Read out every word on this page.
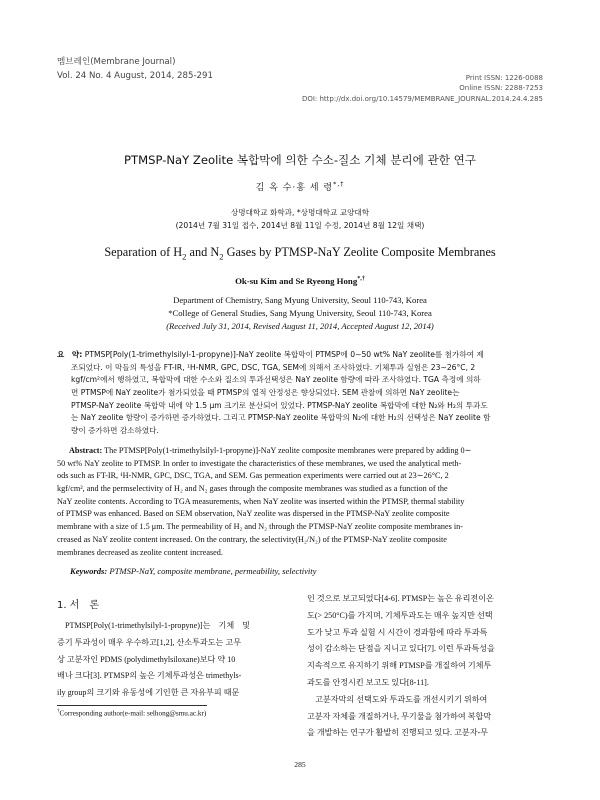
멤브레인(Membrane Journal)
Vol. 24 No. 4 August, 2014, 285-291	Print ISSN: 1226-0088
Online ISSN: 2288-7253
DOI: http://dx.doi.org/10.14579/MEMBRANE_JOURNAL.2014.24.4.285
PTMSP-NaY Zeolite 복합막에 의한 수소-질소 기체 분리에 관한 연구
김 옥 수·홍 세 령*,†
상명대학교 화학과, *상명대학교 교양대학
(2014년 7월 31일 접수, 2014년 8월 11일 수정, 2014년 8월 12일 채택)
Separation of $H_2$ and $N_2$ Gases by PTMSP-NaY Zeolite Composite Membranes
Ok-su Kim and Se Ryeong Hong*,†
Department of Chemistry, Sang Myung University, Seoul 110-743, Korea
*College of General Studies, Sang Myung University, Seoul 110-743, Korea
(Received July 31, 2014, Revised August 11, 2014, Accepted August 12, 2014)
요　약: PTMSP[Poly(1-trimethylsilyl-1-propyne)]-NaY zeolite 복합막이 PTMSP에 0∼50 wt% NaY zeolite를 첨가하여 제
조되었다. 이 막들의 특성을 FT-IR, ¹H-NMR, GPC, DSC, TGA, SEM에 의해서 조사하였다. 기체투과 실험은 23∼26°C, 2
kgf/cm²에서 행하였고, 복합막에 대한 수소와 질소의 투과선택성은 NaY zeolite 함량에 따라 조사하였다. TGA 측정에 의하
면 PTMSP에 NaY zeolite가 첨가되었을 때 PTMSP의 열적 안정성은 향상되었다. SEM 관찰에 의하면 NaY zeolite는
PTMSP-NaY zeolite 복합막 내에 약 1.5 μm 크기로 분산되어 있었다. PTMSP-NaY zeolite 복합막에 대한 N₂와 H₂의 투과도
는 NaY zeolite 함량이 증가하면 증가하였다. 그리고 PTMSP-NaY zeolite 복합막의 N₂에 대한 H₂의 선택성은 NaY zeolite 함
량이 증가하면 감소하였다.
Abstract: The PTMSP[Poly(1-trimethylsilyl-1-propyne)]-NaY zeolite composite membranes were prepared by adding 0∼
50 wt% NaY zeolite to PTMSP. In order to investigate the characteristics of these membranes, we used the analytical meth-
ods such as FT-IR, ¹H-NMR, GPC, DSC, TGA, and SEM. Gas permeation experiments were carried out at 23∼26°C, 2
kgf/cm², and the permselectivity of H₂ and N₂ gases through the composite membranes was studied as a function of the
NaY zeolite contents. According to TGA measurements, when NaY zeolite was inserted within the PTMSP, thermal stability
of PTMSP was enhanced. Based on SEM observation, NaY zeolite was dispersed in the PTMSP-NaY zeolite composite
membrane with a size of 1.5 μm. The permeability of H₂ and N₂ through the PTMSP-NaY zeolite composite membranes in-
creased as NaY zeolite content increased. On the contrary, the selectivity(H₂/N₂) of the PTMSP-NaY zeolite composite
membranes decreased as zeolite content increased.
Keywords: PTMSP-NaY, composite membrane, permeability, selectivity
1. 서　론
PTMSP[Poly(1-trimethylsilyl-1-propyne)]는　기체　및
증기 투과성이 매우 우수하고[1,2], 산소투과도는 고무
상 고분자인 PDMS (polydimethylsiloxane)보다 약 10
배나 크다[3]. PTMSP의 높은 기체투과성은 trimethyls-
ily group의 크기와 유동성에 기인한 큰 자유부피 때문
인 것으로 보고되었다[4-6]. PTMSP는 높은 유리전이온
도(> 250°C)를 가지며, 기체투과도는 매우 높지만 선택
도가 낮고 투과 실험 시 시간이 경과함에 따라 투과특
성이 감소하는 단점을 지니고 있다[7]. 이런 투과특성을
지속적으로 유지하기 위해 PTMSP를 개질하여 기체투
과도를 안정시킨 보고도 있다[8-11].
　고분자막의 선택도와 투과도를 개선시키기 위하여
고분자 자체를 개질하거나, 무기물을 첨가하여 복합막
을 개발하는 연구가 활발히 진행되고 있다. 고분자-무
†Corresponding author(e-mail: selhong@smu.ac.kr)
285
